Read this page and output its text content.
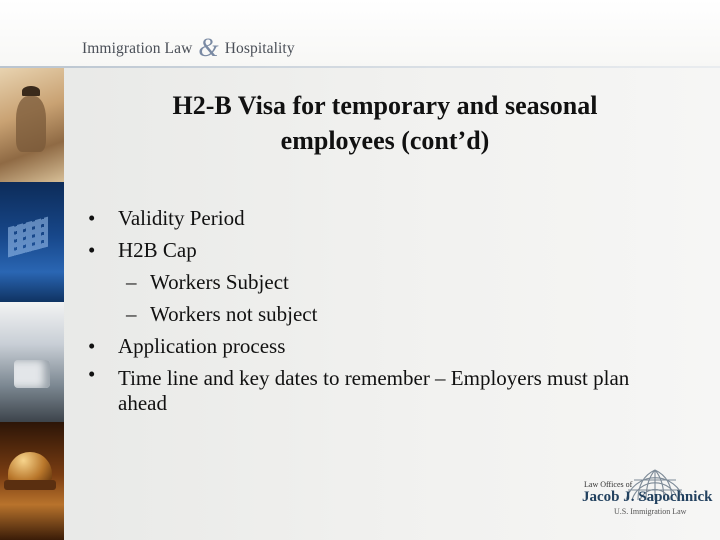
Immigration Law & Hospitality
H2-B Visa for temporary and seasonal
employees (cont’d)
• Validity Period
• H2B Cap
– Workers Subject
– Workers not subject
• Application process
• Time line and key dates to remember – Employers must plan ahead
Law Offices of
Jacob J. Sapochnick
U.S. Immigration Law
